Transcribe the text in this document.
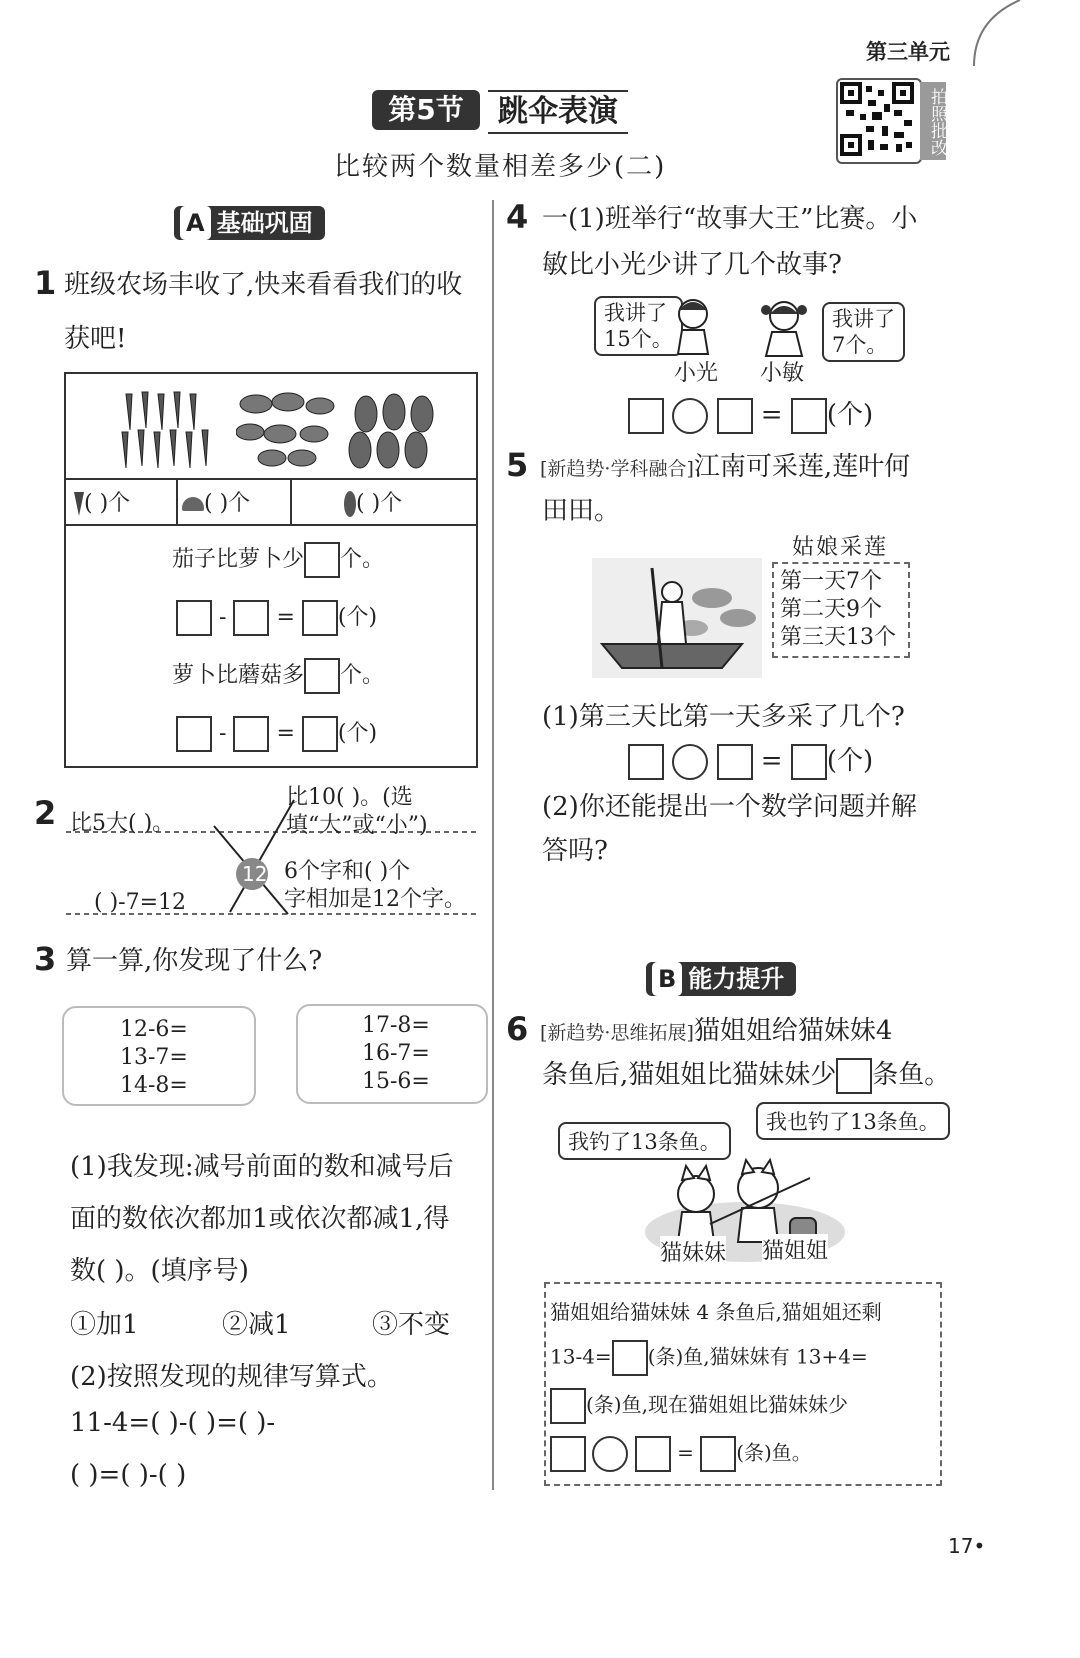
第三单元
拍照批改
第5节	跳伞表演
比较两个数量相差多少(二)
A 基础巩固
1 班级农场丰收了,快来看看我们的收
获吧!
( )个	( )个	( )个
茄子比萝卜少 个。
- = (个)
萝卜比蘑菇多 个。
- = (个)
2
12
比5大( )。
比10( )。(选
填“大”或“小”)
6个字和( )个
字相加是12个字。
( )-7=12
3 算一算,你发现了什么?
12-6=
13-7=
14-8=
17-8=
16-7=
15-6=
(1)我发现:减号前面的数和减号后
面的数依次都加1或依次都减1,得
数( )。(填序号)
①加1	②减1	③不变
(2)按照发现的规律写算式。
11-4=( )-( )=( )-
( )=( )-( )
4 一(1)班举行“故事大王”比赛。小
敏比小光少讲了几个故事?
我讲了
15个。
我讲了
7个。
小光 小敏
= (个)
5 [新趋势·学科融合]江南可采莲,莲叶何
田田。
姑娘采莲
第一天7个
第二天9个
第三天13个
(1)第三天比第一天多采了几个?
= (个)
(2)你还能提出一个数学问题并解
答吗?
B 能力提升
6 [新趋势·思维拓展]猫姐姐给猫妹妹4
条鱼后,猫姐姐比猫妹妹少 条鱼。
我钓了13条鱼。
我也钓了13条鱼。
猫妹妹 猫姐姐
猫姐姐给猫妹妹 4 条鱼后,猫姐姐还剩
13-4= (条)鱼,猫妹妹有 13+4=
(条)鱼,现在猫姐姐比猫妹妹少
= (条)鱼。
17•
